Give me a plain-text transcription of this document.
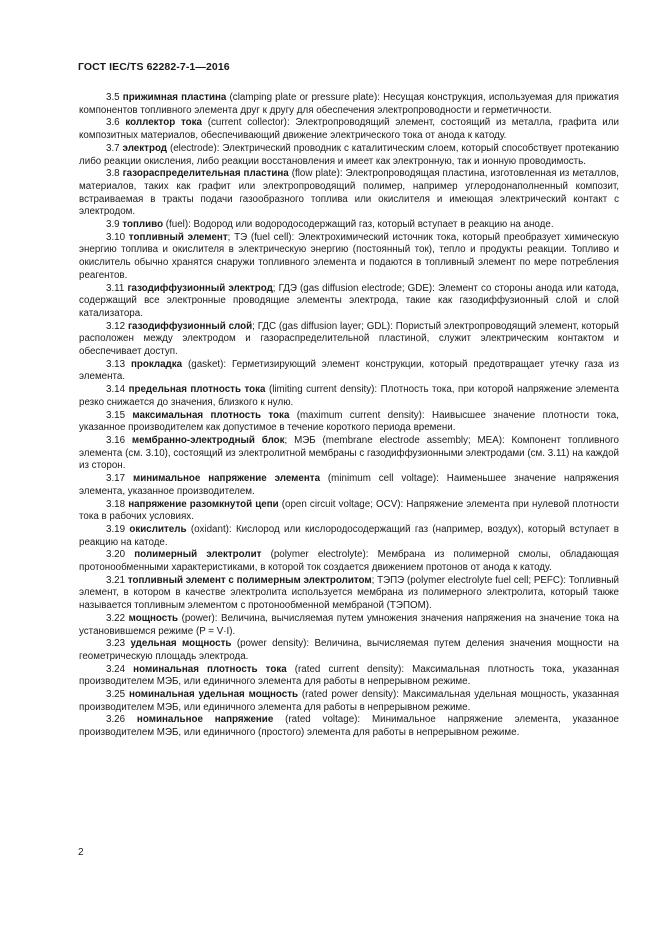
ГОСТ IEC/TS 62282-7-1—2016

3.5 прижимная пластина (clamping plate or pressure plate): Несущая конструкция, используемая для прижатия компонентов топливного элемента друг к другу для обеспечения электропроводности и герметичности.

3.6 коллектор тока (current collector): Электропроводящий элемент, состоящий из металла, графита или композитных материалов, обеспечивающий движение электрического тока от анода к катоду.

3.7 электрод (electrode): Электрический проводник с каталитическим слоем, который способствует протеканию либо реакции окисления, либо реакции восстановления и имеет как электронную, так и ионную проводимость.

3.8 газораспределительная пластина (flow plate): Электропроводящая пластина, изготовленная из металлов, материалов, таких как графит или электропроводящий полимер, например углеродонаполненный композит, встраиваемая в тракты подачи газообразного топлива или окислителя и имеющая электрический контакт с электродом.

3.9 топливо (fuel): Водород или водородосодержащий газ, который вступает в реакцию на аноде.

3.10 топливный элемент; ТЭ (fuel cell): Электрохимический источник тока, который преобразует химическую энергию топлива и окислителя в электрическую энергию (постоянный ток), тепло и продукты реакции. Топливо и окислитель обычно хранятся снаружи топливного элемента и подаются в топливный элемент по мере потребления реагентов.

3.11 газодиффузионный электрод; ГДЭ (gas diffusion electrode; GDE): Элемент со стороны анода или катода, содержащий все электронные проводящие элементы электрода, такие как газодиффузионный слой и слой катализатора.

3.12 газодиффузионный слой; ГДС (gas diffusion layer; GDL): Пористый электропроводящий элемент, который расположен между электродом и газораспределительной пластиной, служит электрическим контактом и обеспечивает доступ.

3.13 прокладка (gasket): Герметизирующий элемент конструкции, который предотвращает утечку газа из элемента.

3.14 предельная плотность тока (limiting current density): Плотность тока, при которой напряжение элемента резко снижается до значения, близкого к нулю.

3.15 максимальная плотность тока (maximum current density): Наивысшее значение плотности тока, указанное производителем как допустимое в течение короткого периода времени.

3.16 мембранно-электродный блок; МЭБ (membrane electrode assembly; MEA): Компонент топливного элемента (см. 3.10), состоящий из электролитной мембраны с газодиффузионными электродами (см. 3.11) на каждой из сторон.

3.17 минимальное напряжение элемента (minimum cell voltage): Наименьшее значение напряжения элемента, указанное производителем.

3.18 напряжение разомкнутой цепи (open circuit voltage; OCV): Напряжение элемента при нулевой плотности тока в рабочих условиях.

3.19 окислитель (oxidant): Кислород или кислородосодержащий газ (например, воздух), который вступает в реакцию на катоде.

3.20 полимерный электролит (polymer electrolyte): Мембрана из полимерной смолы, обладающая протонообменными характеристиками, в которой ток создается движением протонов от анода к катоду.

3.21 топливный элемент с полимерным электролитом; ТЭПЭ (polymer electrolyte fuel cell; PEFC): Топливный элемент, в котором в качестве электролита используется мембрана из полимерного электролита, который также называется топливным элементом с протонообменной мембраной (ТЭПОМ).

3.22 мощность (power): Величина, вычисляемая путем умножения значения напряжения на значение тока на установившемся режиме (P = V·I).

3.23 удельная мощность (power density): Величина, вычисляемая путем деления значения мощности на геометрическую площадь электрода.

3.24 номинальная плотность тока (rated current density): Максимальная плотность тока, указанная производителем МЭБ, или единичного элемента для работы в непрерывном режиме.

3.25 номинальная удельная мощность (rated power density): Максимальная удельная мощность, указанная производителем МЭБ, или единичного элемента для работы в непрерывном режиме.

3.26 номинальное напряжение (rated voltage): Минимальное напряжение элемента, указанное производителем МЭБ, или единичного (простого) элемента для работы в непрерывном режиме.

2
